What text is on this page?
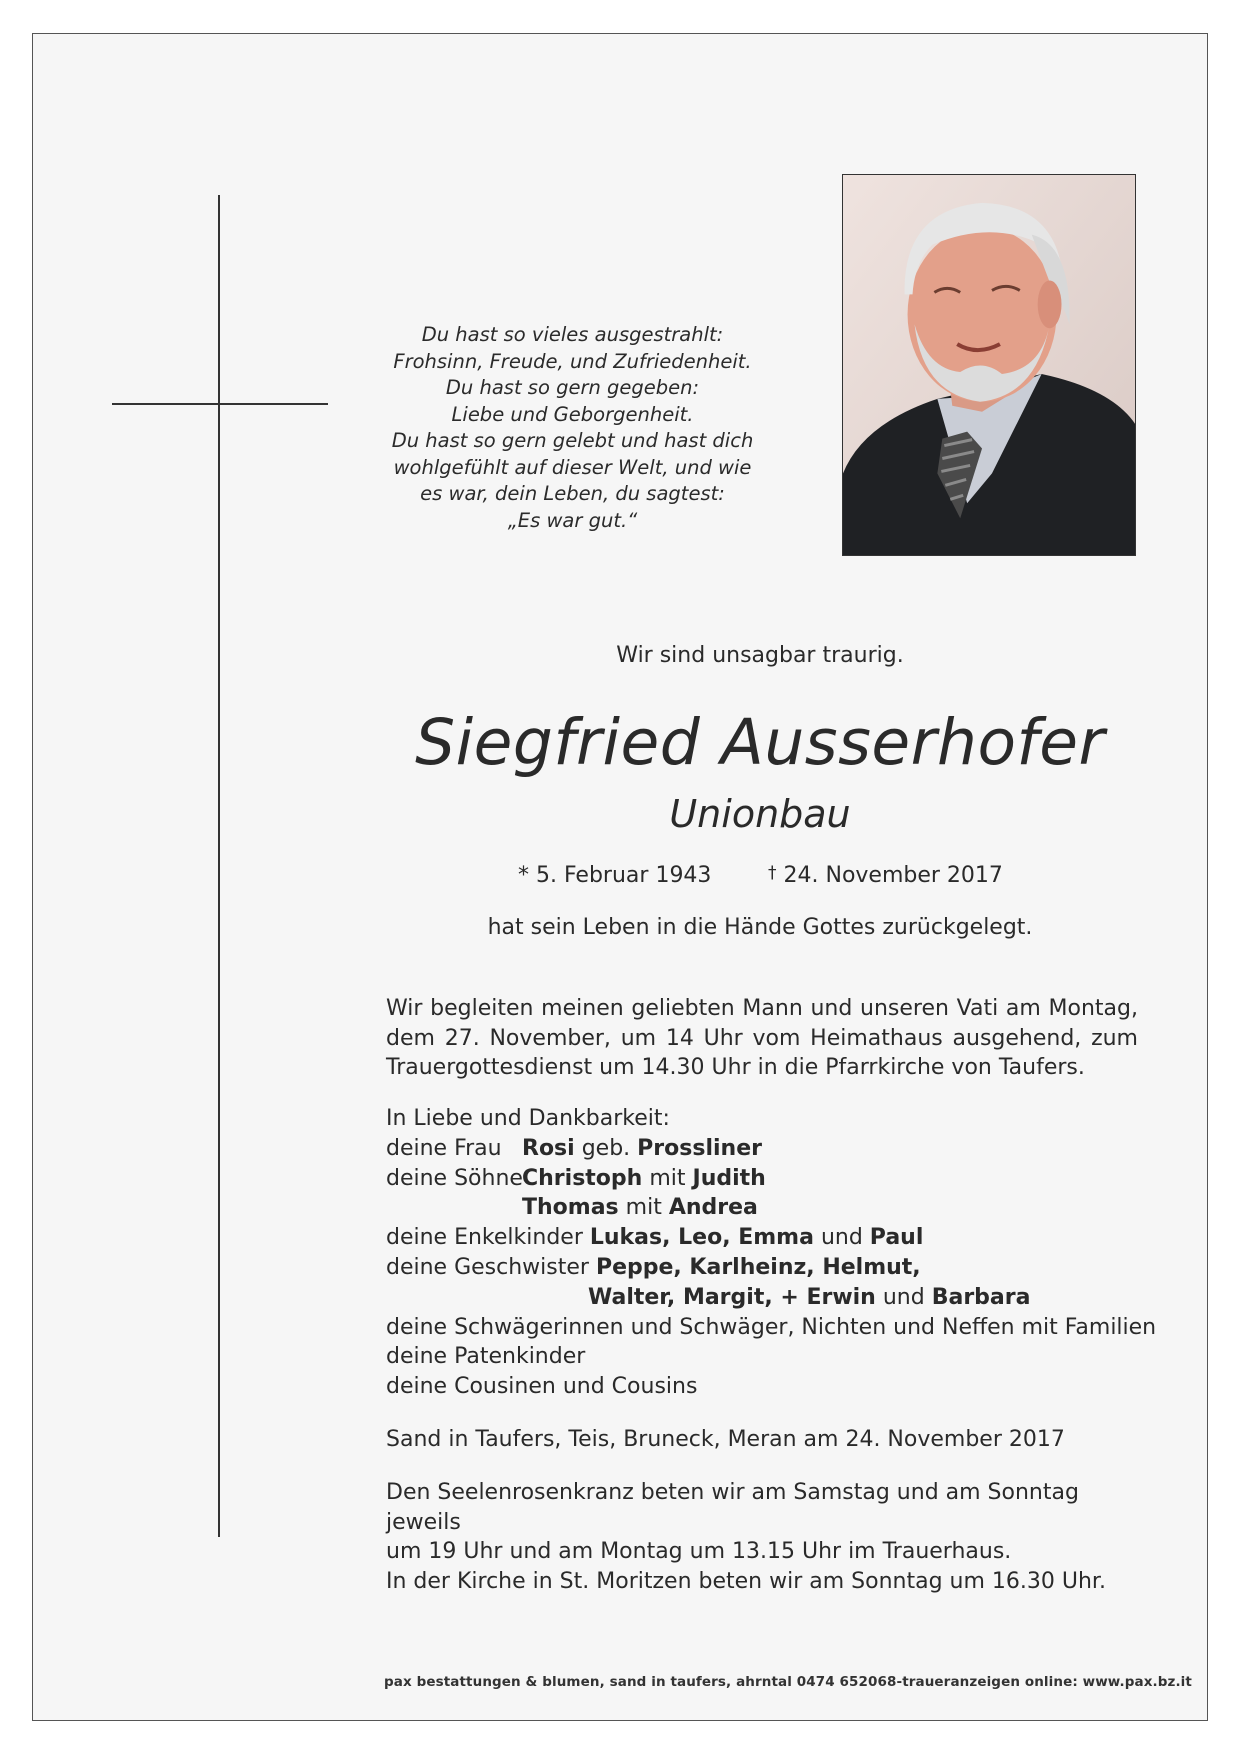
Du hast so vieles ausgestrahlt:
Frohsinn, Freude, und Zufriedenheit.
Du hast so gern gegeben:
Liebe und Geborgenheit.
Du hast so gern gelebt und hast dich
wohlgefühlt auf dieser Welt, und wie
es war, dein Leben, du sagtest:
„Es war gut.“
Wir sind unsagbar traurig.
Siegfried Ausserhofer
Unionbau
* 5. Februar 1943	† 24. November 2017
hat sein Leben in die Hände Gottes zurückgelegt.
Wir begleiten meinen geliebten Mann und unseren Vati am Montag, dem 27. November, um 14 Uhr vom Heimathaus ausgehend, zum Trauergottesdienst um 14.30 Uhr in die Pfarrkirche von Taufers.
In Liebe und Dankbarkeit:
deine Frau Rosi geb. Prossliner
deine Söhne Christoph mit Judith
Thomas mit Andrea
deine Enkelkinder Lukas, Leo, Emma und Paul
deine Geschwister Peppe, Karlheinz, Helmut,
Walter, Margit, + Erwin und Barbara
deine Schwägerinnen und Schwäger, Nichten und Neffen mit Familien
deine Patenkinder
deine Cousinen und Cousins
Sand in Taufers, Teis, Bruneck, Meran am 24. November 2017
Den Seelenrosenkranz beten wir am Samstag und am Sonntag jeweils
um 19 Uhr und am Montag um 13.15 Uhr im Trauerhaus.
In der Kirche in St. Moritzen beten wir am Sonntag um 16.30 Uhr.
pax bestattungen & blumen, sand in taufers, ahrntal 0474 652068-traueranzeigen online: www.pax.bz.it
